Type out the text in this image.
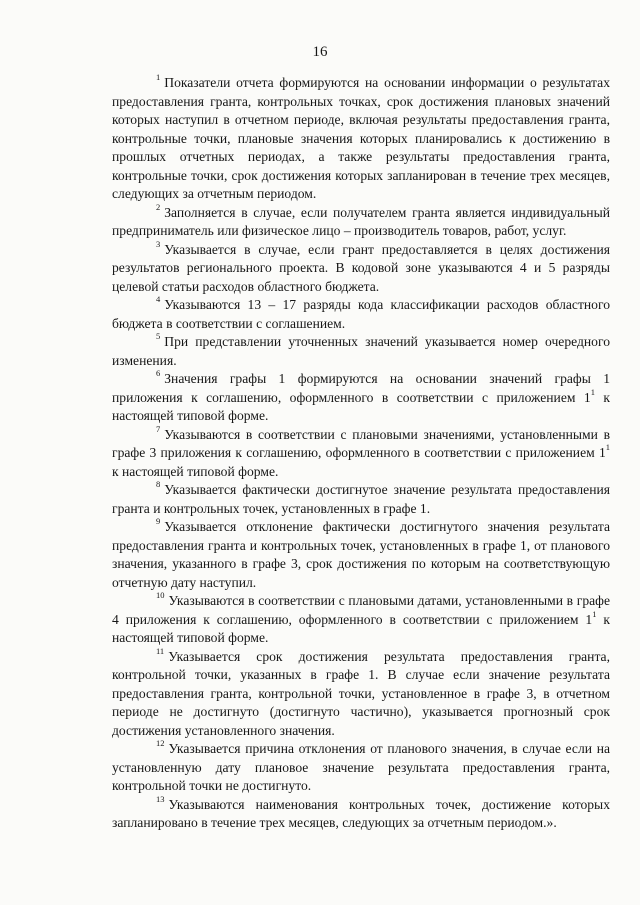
16

$^1$ Показатели отчета формируются на основании информации о результатах предоставления гранта, контрольных точках, срок достижения плановых значений которых наступил в отчетном периоде, включая результаты предоставления гранта, контрольные точки, плановые значения которых планировались к достижению в прошлых отчетных периодах, а также результаты предоставления гранта, контрольные точки, срок достижения которых запланирован в течение трех месяцев, следующих за отчетным периодом.

$^2$ Заполняется в случае, если получателем гранта является индивидуальный предприниматель или физическое лицо – производитель товаров, работ, услуг.

$^3$ Указывается в случае, если грант предоставляется в целях достижения результатов регионального проекта. В кодовой зоне указываются 4 и 5 разряды целевой статьи расходов областного бюджета.

$^4$ Указываются 13 – 17 разряды кода классификации расходов областного бюджета в соответствии с соглашением.

$^5$ При представлении уточненных значений указывается номер очередного изменения.

$^6$ Значения графы 1 формируются на основании значений графы 1 приложения к соглашению, оформленного в соответствии с приложением $1^1$ к настоящей типовой форме.

$^7$ Указываются в соответствии с плановыми значениями, установленными в графе 3 приложения к соглашению, оформленного в соответствии с приложением $1^1$ к настоящей типовой форме.

$^8$ Указывается фактически достигнутое значение результата предоставления гранта и контрольных точек, установленных в графе 1.

$^9$ Указывается отклонение фактически достигнутого значения результата предоставления гранта и контрольных точек, установленных в графе 1, от планового значения, указанного в графе 3, срок достижения по которым на соответствующую отчетную дату наступил.

$^{10}$ Указываются в соответствии с плановыми датами, установленными в графе 4 приложения к соглашению, оформленного в соответствии с приложением $1^1$ к настоящей типовой форме.

$^{11}$ Указывается срок достижения результата предоставления гранта, контрольной точки, указанных в графе 1. В случае если значение результата предоставления гранта, контрольной точки, установленное в графе 3, в отчетном периоде не достигнуто (достигнуто частично), указывается прогнозный срок достижения установленного значения.

$^{12}$ Указывается причина отклонения от планового значения, в случае если на установленную дату плановое значение результата предоставления гранта, контрольной точки не достигнуто.

$^{13}$ Указываются наименования контрольных точек, достижение которых запланировано в течение трех месяцев, следующих за отчетным периодом.».
